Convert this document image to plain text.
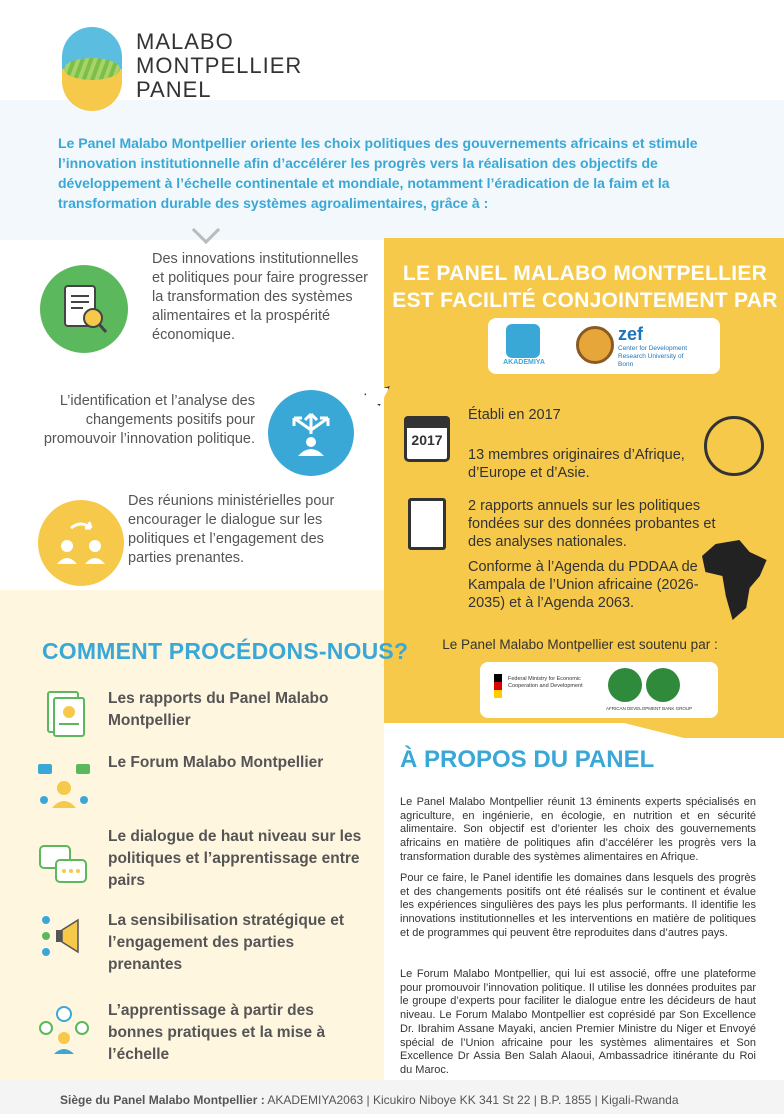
MALABO
MONTPELLIER
PANEL
Le Panel Malabo Montpellier oriente les choix politiques des gouvernements africains et stimule l’innovation institutionnelle afin d’accélérer les progrès vers la réalisation des objectifs de développement à l’échelle continentale et mondiale, notamment l’éradication de la faim et la transformation durable des systèmes agroalimentaires, grâce à :
Des innovations institutionnelles et politiques pour faire progresser la transformation des systèmes alimentaires et la prospérité économique.
L’identification et l’analyse des changements positifs pour promouvoir l’innovation politique.
Des réunions ministérielles pour encourager le dialogue sur les politiques et l’engagement des parties prenantes.
LE PANEL MALABO MONTPELLIER
EST FACILITÉ CONJOINTEMENT PAR
AKADEMIYA
zef
Center for Development Research University of Bonn
2017
Établi en 2017
13 membres originaires d’Afrique, d’Europe et d’Asie.
2 rapports annuels sur les politiques fondées sur des données probantes et des analyses nationales.
Conforme à l’Agenda du PDDAA de Kampala de l’Union africaine (2026-2035) et à l’Agenda 2063.
Le Panel Malabo Montpellier est soutenu par :
Federal Ministry for Economic Cooperation and Development
AFRICAN DEVELOPMENT BANK GROUP
COMMENT PROCÉDONS-NOUS?
Les rapports du Panel Malabo Montpellier
Le Forum Malabo Montpellier
Le dialogue de haut niveau sur les politiques et l’apprentissage entre pairs
La sensibilisation stratégique et l’engagement des parties prenantes
L’apprentissage à partir des bonnes pratiques et la mise à l’échelle
À PROPOS DU PANEL
Le Panel Malabo Montpellier réunit 13 éminents experts spécialisés en agriculture, en ingénierie, en écologie, en nutrition et en sécurité alimentaire. Son objectif est d’orienter les choix des gouvernements africains en matière de politiques afin d’accélérer les progrès vers la transformation durable des systèmes alimentaires en Afrique.
Pour ce faire, le Panel identifie les domaines dans lesquels des progrès et des changements positifs ont été réalisés sur le continent et évalue les expériences singulières des pays les plus performants. Il identifie les innovations institutionnelles et les interventions en matière de politiques et de programmes qui peuvent être reproduites dans d’autres pays.
Le Forum Malabo Montpellier, qui lui est associé, offre une plateforme pour promouvoir l’innovation politique. Il utilise les données produites par le groupe d’experts pour faciliter le dialogue entre les décideurs de haut niveau. Le Forum Malabo Montpellier est coprésidé par Son Excellence Dr. Ibrahim Assane Mayaki, ancien Premier Ministre du Niger et Envoyé spécial de l’Union africaine pour les systèmes alimentaires et Son Excellence Dr Assia Ben Salah Alaoui, Ambassadrice itinérante du Roi du Maroc.
Siège du Panel Malabo Montpellier : AKADEMIYA2063 | Kicukiro Niboye KK 341 St 22 | B.P. 1855 | Kigali-Rwanda
